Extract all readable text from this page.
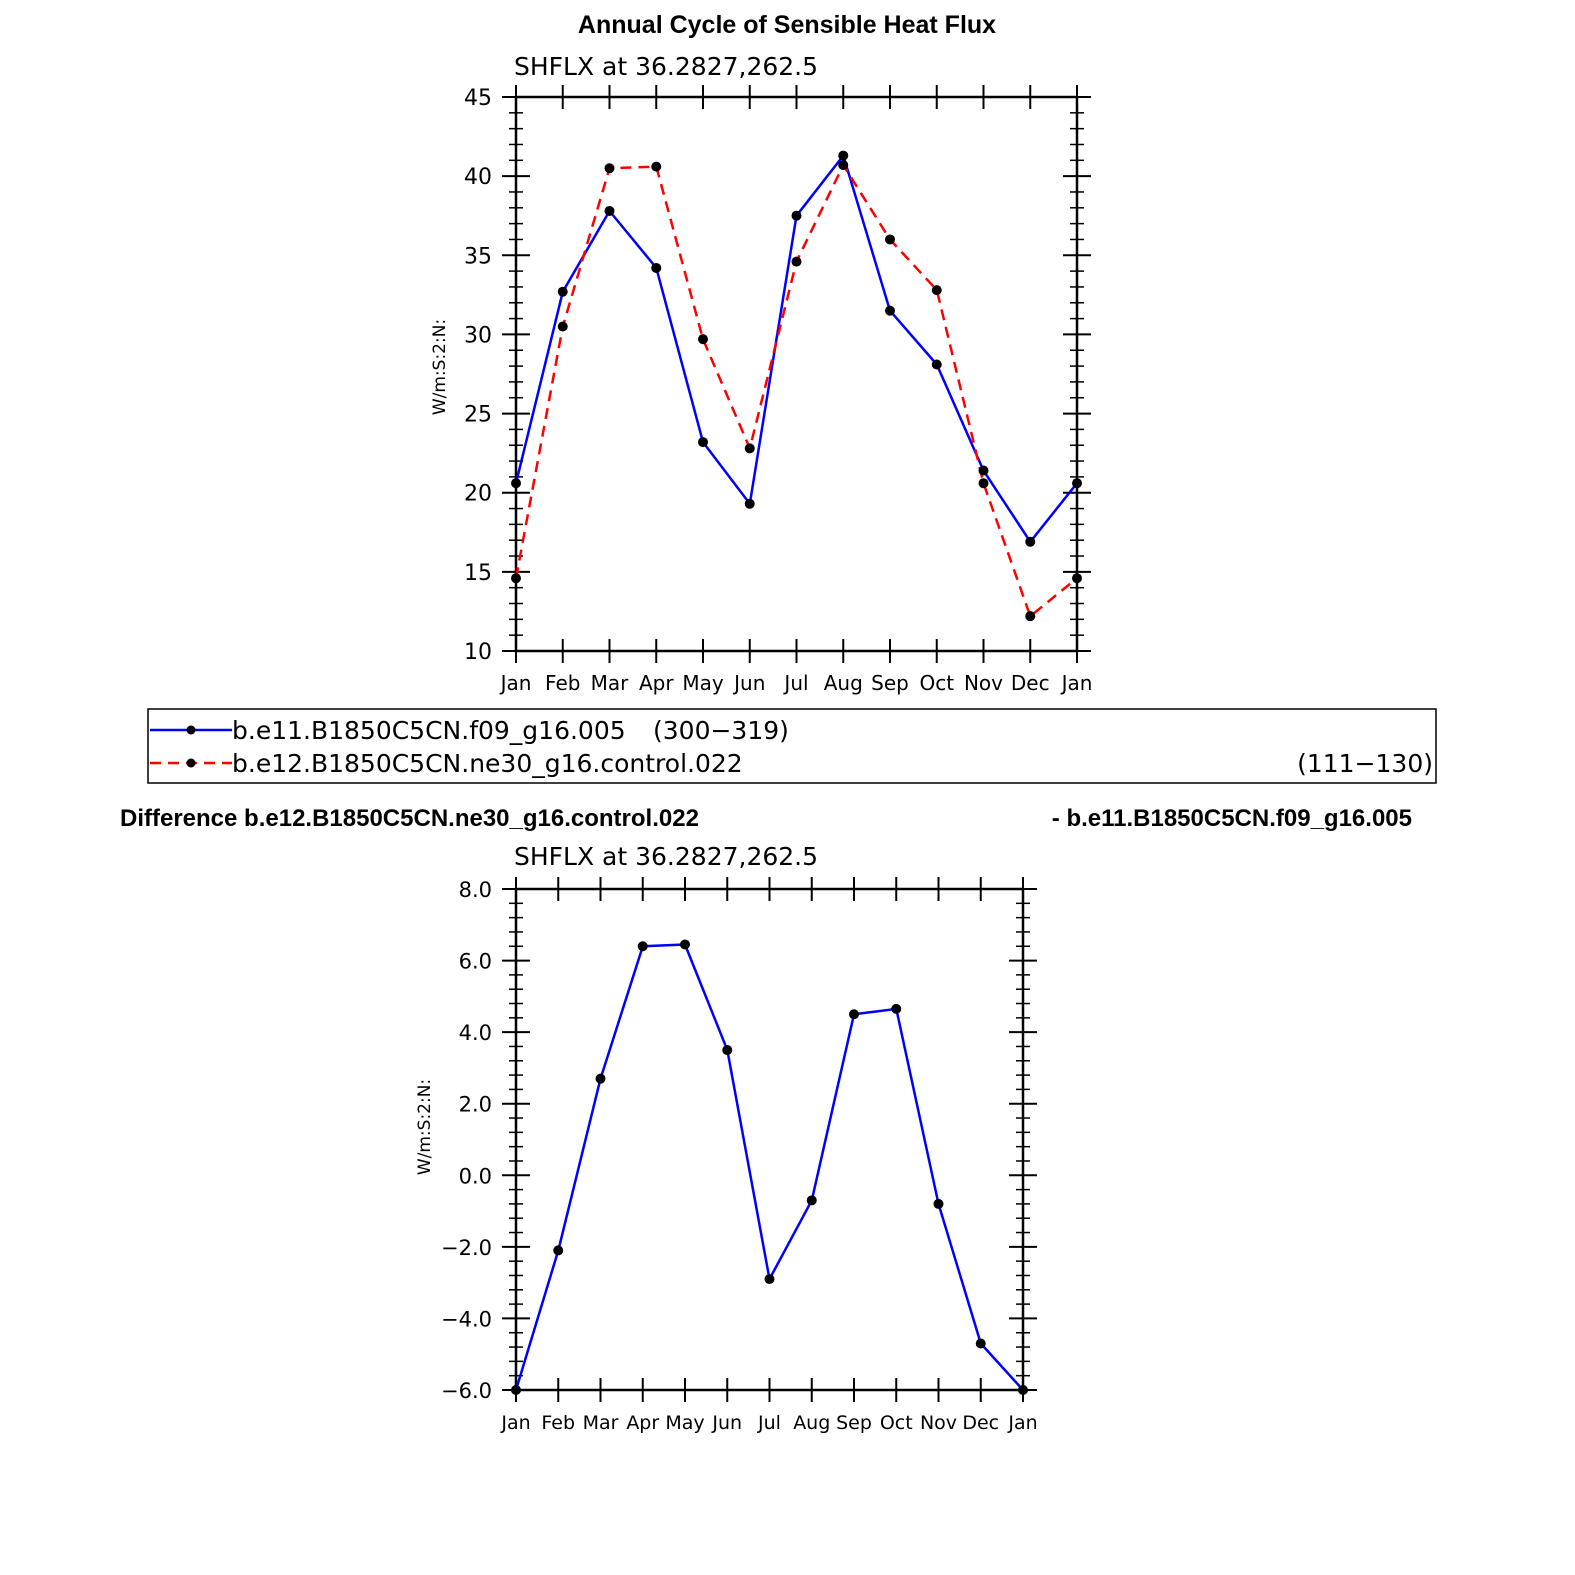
Annual Cycle of Sensible Heat Flux
SHFLX at 36.2827,262.5
W/m:S:2:N:
10
15
20
25
30
35
40
45
Jan Feb Mar Apr May Jun Jul Aug Sep Oct Nov Dec Jan
b.e11.B1850C5CN.f09_g16.005 (300−319)
b.e12.B1850C5CN.ne30_g16.control.022	(111−130)
Difference b.e12.B1850C5CN.ne30_g16.control.022	- b.e11.B1850C5CN.f09_g16.005
SHFLX at 36.2827,262.5
W/m:S:2:N:
−6.0
−4.0
−2.0
0.0
2.0
4.0
6.0
8.0
Jan Feb Mar Apr May Jun Jul Aug Sep Oct Nov Dec Jan
